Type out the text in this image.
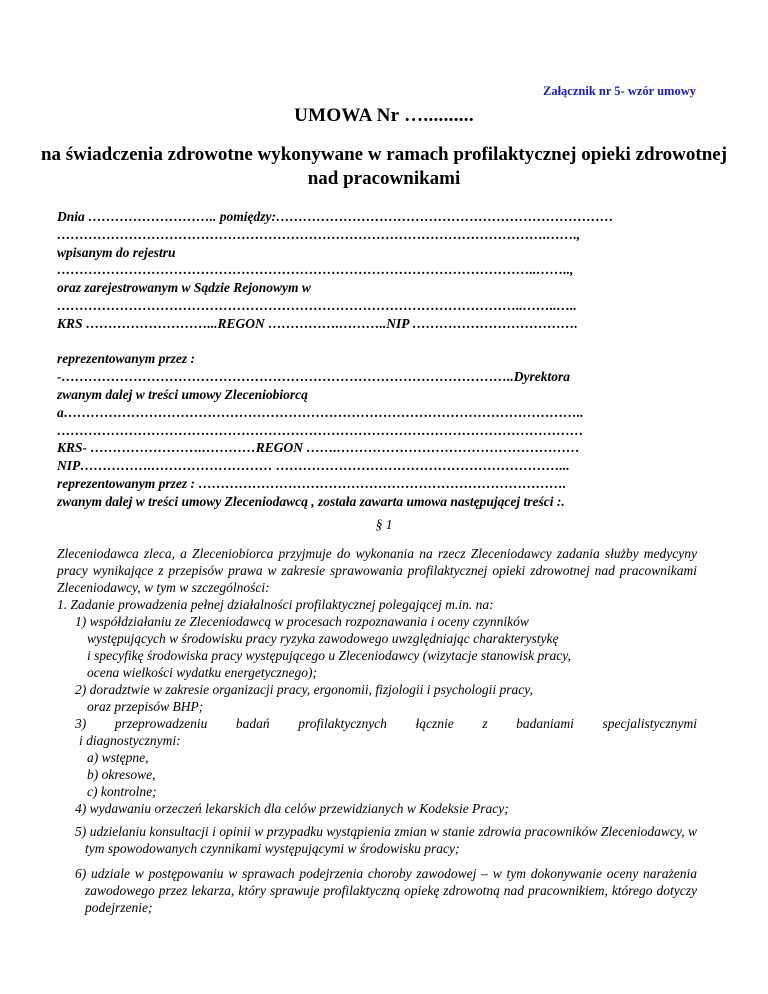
Załącznik nr 5- wzór umowy
UMOWA Nr …..........
na świadczenia zdrowotne wykonywane w ramach profilaktycznej opieki zdrowotnej nad pracownikami
Dnia ……………………….. pomiędzy:…………………………………………………………………
……………………………………………………………………………………………….…….,
wpisanym do rejestru
……………………………………………………………………………………………..……..,
oraz zarejestrowanym w Sądzie Rejonowym w
…………………………………………………………………………………………..……..…..
KRS ………………………...REGON …………….………..NIP ……………………………….
reprezentowanym przez :
-………………………………………………………………………………………..Dyrektora
zwanym dalej w treści umowy Zleceniobiorcą
a……………………………………………………………………………………………………..
………………………………………………………………………………………………………
KRS- …………………….…………REGON …….………………………………………………
NIP…………….……………………… ………………………………………………………...
reprezentowanym przez : ……………………………………………………………………….
zwanym dalej w treści umowy Zleceniodawcą , została zawarta umowa następującej treści :.
§ 1
Zleceniodawca zleca, a Zleceniobiorca przyjmuje do wykonania na rzecz Zleceniodawcy zadania służby medycyny pracy wynikające z przepisów prawa w zakresie sprawowania profilaktycznej opieki zdrowotnej nad pracownikami Zleceniodawcy, w tym w szczególności:
1. Zadanie prowadzenia pełnej działalności profilaktycznej polegającej m.in. na:
1) współdziałaniu ze Zleceniodawcą w procesach rozpoznawania i oceny czynników
występujących w środowisku pracy ryzyka zawodowego uwzględniając charakterystykę
i specyfikę środowiska pracy występującego u Zleceniodawcy (wizytacje stanowisk pracy,
ocena wielkości wydatku energetycznego);
2) doradztwie w zakresie organizacji pracy, ergonomii, fizjologii i psychologii pracy,
oraz przepisów BHP;
3) przeprowadzeniu badań profilaktycznych łącznie z badaniami specjalistycznymi
i diagnostycznymi:
a) wstępne,
b) okresowe,
c) kontrolne;
4) wydawaniu orzeczeń lekarskich dla celów przewidzianych w Kodeksie Pracy;
5) udzielaniu konsultacji i opinii w przypadku wystąpienia zmian w stanie zdrowia pracowników Zleceniodawcy, w tym spowodowanych czynnikami występującymi w środowisku pracy;
6) udziale w postępowaniu w sprawach podejrzenia choroby zawodowej – w tym dokonywanie oceny narażenia zawodowego przez lekarza, który sprawuje profilaktyczną opiekę zdrowotną nad pracownikiem, którego dotyczy podejrzenie;
